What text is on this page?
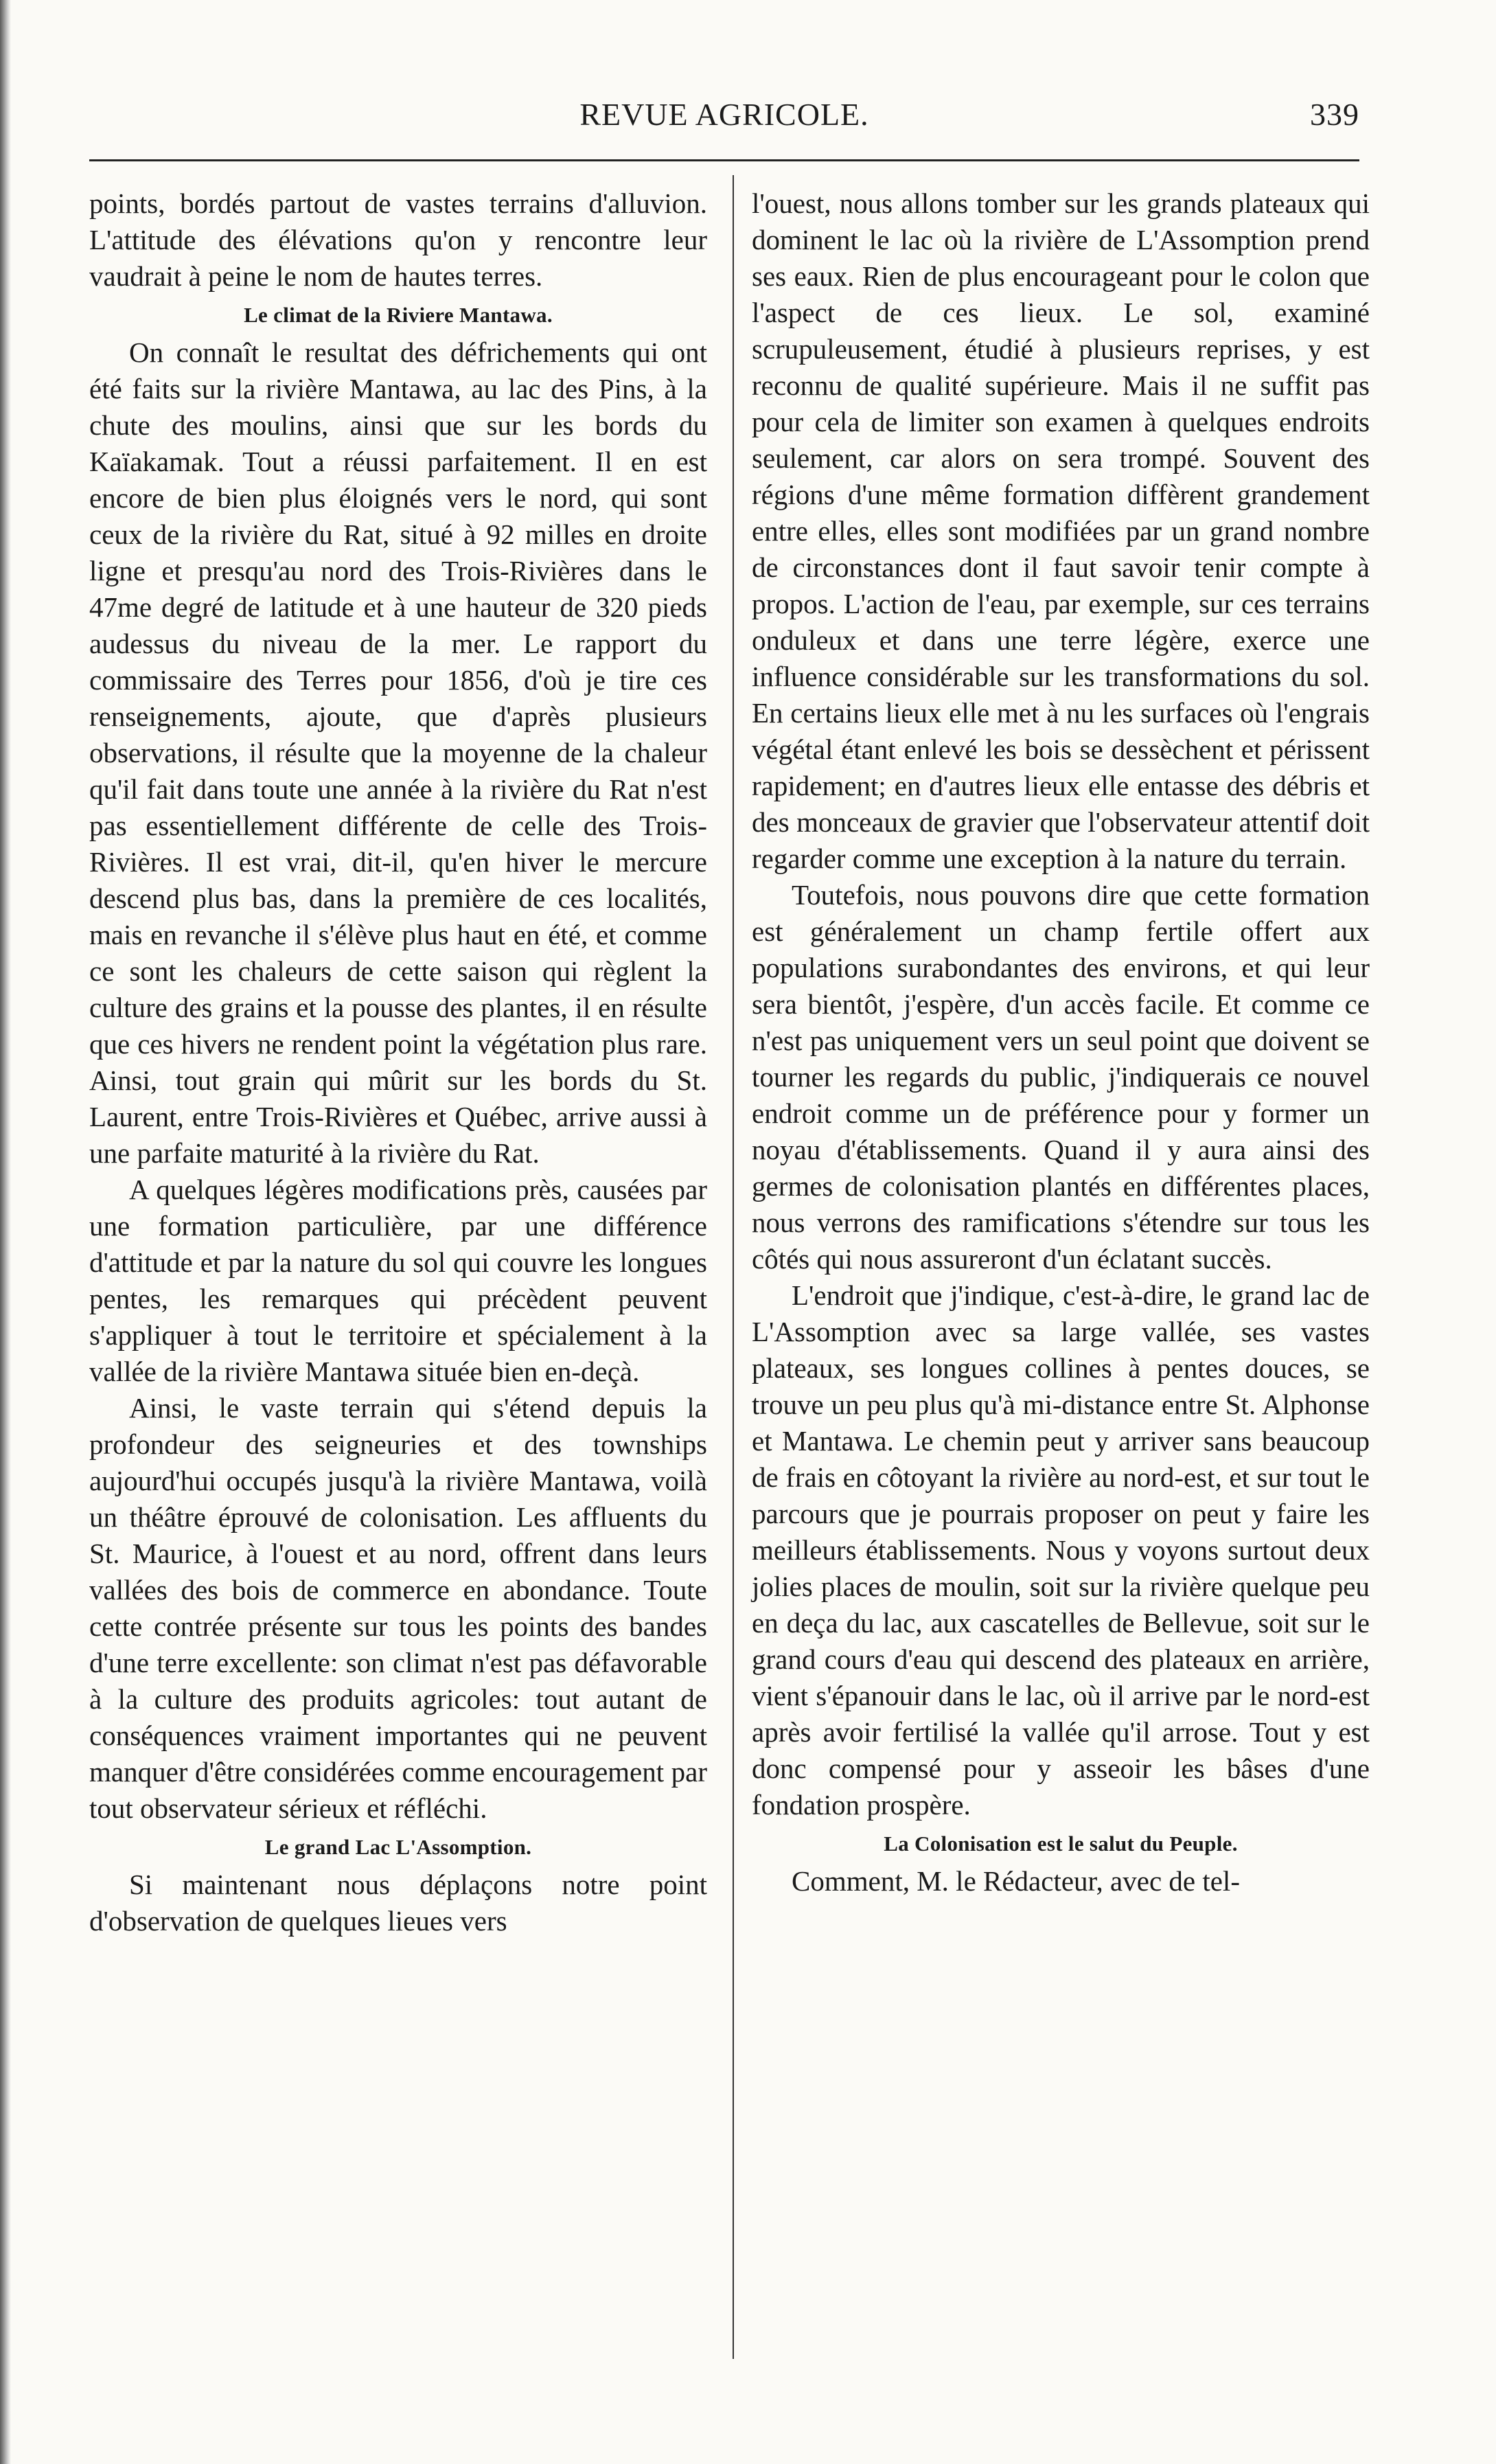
REVUE AGRICOLE.	339

points, bordés partout de vastes terrains d'alluvion. L'attitude des élévations qu'on y rencontre leur vaudrait à peine le nom de hautes terres.

Le climat de la Riviere Mantawa.

On connaît le resultat des défrichements qui ont été faits sur la rivière Mantawa, au lac des Pins, à la chute des moulins, ainsi que sur les bords du Kaïakamak. Tout a réussi parfaitement. Il en est encore de bien plus éloignés vers le nord, qui sont ceux de la rivière du Rat, situé à 92 milles en droite ligne et presqu'au nord des Trois-Rivières dans le 47me degré de latitude et à une hauteur de 320 pieds audessus du niveau de la mer. Le rapport du commissaire des Terres pour 1856, d'où je tire ces renseignements, ajoute, que d'après plusieurs observations, il résulte que la moyenne de la chaleur qu'il fait dans toute une année à la rivière du Rat n'est pas essentiellement différente de celle des Trois-Rivières. Il est vrai, dit-il, qu'en hiver le mercure descend plus bas, dans la première de ces localités, mais en revanche il s'élève plus haut en été, et comme ce sont les chaleurs de cette saison qui règlent la culture des grains et la pousse des plantes, il en résulte que ces hivers ne rendent point la végétation plus rare. Ainsi, tout grain qui mûrit sur les bords du St. Laurent, entre Trois-Rivières et Québec, arrive aussi à une parfaite maturité à la rivière du Rat.

A quelques légères modifications près, causées par une formation particulière, par une différence d'attitude et par la nature du sol qui couvre les longues pentes, les remarques qui précèdent peuvent s'appliquer à tout le territoire et spécialement à la vallée de la rivière Mantawa située bien en-deçà.

Ainsi, le vaste terrain qui s'étend depuis la profondeur des seigneuries et des townships aujourd'hui occupés jusqu'à la rivière Mantawa, voilà un théâtre éprouvé de colonisation. Les affluents du St. Maurice, à l'ouest et au nord, offrent dans leurs vallées des bois de commerce en abondance. Toute cette contrée présente sur tous les points des bandes d'une terre excellente: son climat n'est pas défavorable à la culture des produits agricoles: tout autant de conséquences vraiment importantes qui ne peuvent manquer d'être considérées comme encouragement par tout observateur sérieux et réfléchi.

Le grand Lac L'Assomption.

Si maintenant nous déplaçons notre point d'observation de quelques lieues vers

l'ouest, nous allons tomber sur les grands plateaux qui dominent le lac où la rivière de L'Assomption prend ses eaux. Rien de plus encourageant pour le colon que l'aspect de ces lieux. Le sol, examiné scrupuleusement, étudié à plusieurs reprises, y est reconnu de qualité supérieure. Mais il ne suffit pas pour cela de limiter son examen à quelques endroits seulement, car alors on sera trompé. Souvent des régions d'une même formation diffèrent grandement entre elles, elles sont modifiées par un grand nombre de circonstances dont il faut savoir tenir compte à propos. L'action de l'eau, par exemple, sur ces terrains onduleux et dans une terre légère, exerce une influence considérable sur les transformations du sol. En certains lieux elle met à nu les surfaces où l'engrais végétal étant enlevé les bois se dessèchent et périssent rapidement; en d'autres lieux elle entasse des débris et des monceaux de gravier que l'observateur attentif doit regarder comme une exception à la nature du terrain.

Toutefois, nous pouvons dire que cette formation est généralement un champ fertile offert aux populations surabondantes des environs, et qui leur sera bientôt, j'espère, d'un accès facile. Et comme ce n'est pas uniquement vers un seul point que doivent se tourner les regards du public, j'indiquerais ce nouvel endroit comme un de préférence pour y former un noyau d'établissements. Quand il y aura ainsi des germes de colonisation plantés en différentes places, nous verrons des ramifications s'étendre sur tous les côtés qui nous assureront d'un éclatant succès.

L'endroit que j'indique, c'est-à-dire, le grand lac de L'Assomption avec sa large vallée, ses vastes plateaux, ses longues collines à pentes douces, se trouve un peu plus qu'à mi-distance entre St. Alphonse et Mantawa. Le chemin peut y arriver sans beaucoup de frais en côtoyant la rivière au nord-est, et sur tout le parcours que je pourrais proposer on peut y faire les meilleurs établissements. Nous y voyons surtout deux jolies places de moulin, soit sur la rivière quelque peu en deça du lac, aux cascatelles de Bellevue, soit sur le grand cours d'eau qui descend des plateaux en arrière, vient s'épanouir dans le lac, où il arrive par le nord-est après avoir fertilisé la vallée qu'il arrose. Tout y est donc compensé pour y asseoir les bâses d'une fondation prospère.

La Colonisation est le salut du Peuple.

Comment, M. le Rédacteur, avec de tel-
